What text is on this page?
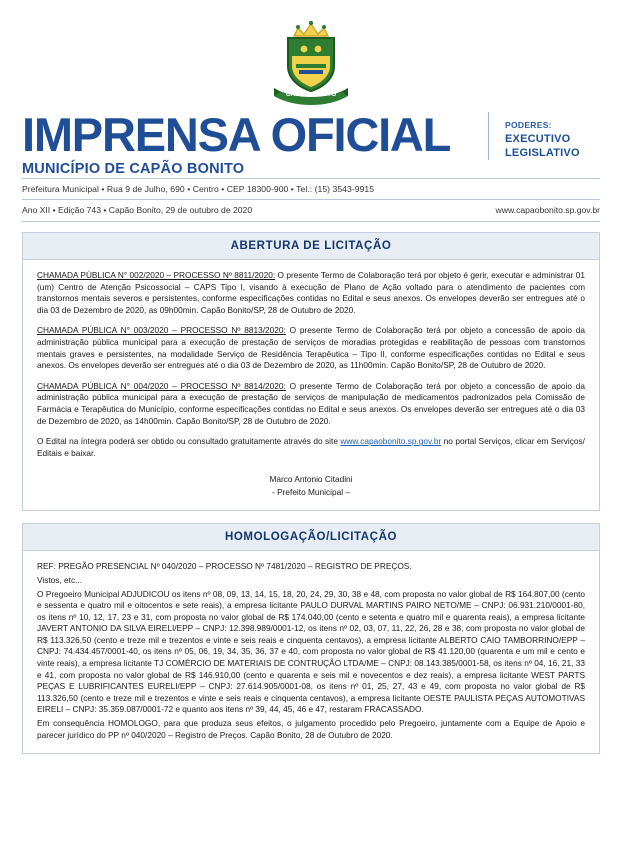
CAPÃO BONITO
IMPRENSA OFICIAL
MUNICÍPIO DE CAPÃO BONITO
PODERES:
EXECUTIVO
LEGISLATIVO
Prefeitura Municipal • Rua 9 de Julho, 690 • Centro • CEP 18300-900 • Tel.: (15) 3543-9915
Ano XII • Edição 743 • Capão Bonito, 29 de outubro de 2020	www.capaobonito.sp.gov.br
ABERTURA DE LICITAÇÃO

CHAMADA PÚBLICA N° 002/2020 – PROCESSO Nº 8811/2020: O presente Termo de Colaboração terá por objeto é gerir, executar e administrar 01 (um) Centro de Atenção Psicossocial – CAPS Tipo I, visando à execução de Plano de Ação voltado para o atendimento de pacientes com transtornos mentais severos e persistentes, conforme especificações contidas no Edital e seus anexos. Os envelopes deverão ser entregues até o dia 03 de Dezembro de 2020, as 09h00min. Capão Bonito/SP, 28 de Outubro de 2020.

CHAMADA PÚBLICA N° 003/2020 – PROCESSO Nº 8813/2020: O presente Termo de Colaboração terá por objeto a concessão de apoio da administração pública municipal para a execução de prestação de serviços de moradias protegidas e reabilitação de pessoas com transtornos mentais graves e persistentes, na modalidade Serviço de Residência Terapêutica – Tipo II, conforme especificações contidas no Edital e seus anexos. Os envelopes deverão ser entregues até o dia 03 de Dezembro de 2020, as 11h00min. Capão Bonito/SP, 28 de Outubro de 2020.

CHAMADA PÚBLICA N° 004/2020 – PROCESSO Nº 8814/2020: O presente Termo de Colaboração terá por objeto a concessão de apoio da administração pública municipal para a execução de prestação de serviços de manipulação de medicamentos padronizados pela Comissão de Farmácia e Terapêutica do Município, conforme especificações contidas no Edital e seus anexos. Os envelopes deverão ser entregues até o dia 03 de Dezembro de 2020, as 14h00min. Capão Bonito/SP, 28 de Outubro de 2020.

O Edital na íntegra poderá ser obtido ou consultado gratuitamente através do site www.capaobonito.sp.gov.br no portal Serviços, clicar em Serviços/ Editais e baixar.

Marco Antonio Citadini

- Prefeito Municipal –

HOMOLOGAÇÃO/LICITAÇÃO

REF: PREGÃO PRESENCIAL Nº 040/2020 – PROCESSO Nº 7481/2020 – REGISTRO DE PREÇOS.

Vistos, etc...

O Pregoeiro Municipal ADJUDICOU os itens nº 08, 09, 13, 14, 15, 18, 20, 24, 29, 30, 38 e 48, com proposta no valor global de R$ 164.807,00 (cento e sessenta e quatro mil e oitocentos e sete reais), a empresa licitante PAULO DURVAL MARTINS PAIRO NETO/ME – CNPJ: 06.931.210/0001-80, os itens nº 10, 12, 17, 23 e 31, com proposta no valor global de R$ 174.040,00 (cento e setenta e quatro mil e quarenta reais), a empresa licitante JAVERT ANTONIO DA SILVA EIRELI/EPP – CNPJ: 12.398.989/0001-12, os itens nº 02, 03, 07, 11, 22, 26, 28 e 38, com proposta no valor global de R$ 113.326,50 (cento e treze mil e trezentos e vinte e seis reais e cinquenta centavos), a empresa licitante ALBERTO CAIO TAMBORRINO/EPP – CNPJ: 74.434.457/0001-40, os itens nº 05, 06, 19, 34, 35, 36, 37 e 40, com proposta no valor global de R$ 41.120,00 (quarenta e um mil e cento e vinte reais), a empresa licitante TJ COMÉRCIO DE MATERIAIS DE CONTRUÇÃO LTDA/ME – CNPJ: 08.143.385/0001-58, os itens nº 04, 16, 21, 33 e 41, com proposta no valor global de R$ 146.910,00 (cento e quarenta e seis mil e novecentos e dez reais), a empresa licitante WEST PARTS PEÇAS E LUBRIFICANTES EURELI/EPP – CNPJ: 27.614.905/0001-08, os itens nº 01, 25, 27, 43 e 49, com proposta no valor global de R$ 113.326,50 (cento e treze mil e trezentos e vinte e seis reais e cinquenta centavos), a empresa licitante OESTE PAULISTA PEÇAS AUTOMOTIVAS EIRELI – CNPJ: 35.359.087/0001-72 e quanto aos itens nº 39, 44, 45, 46 e 47, restaram FRACASSADO.

Em consequência HOMOLOGO, para que produza seus efeitos, o julgamento procedido pelo Pregoeiro, juntamente com a Equipe de Apoio e parecer jurídico do PP nº 040/2020 – Registro de Preços. Capão Bonito, 28 de Outubro de 2020.
